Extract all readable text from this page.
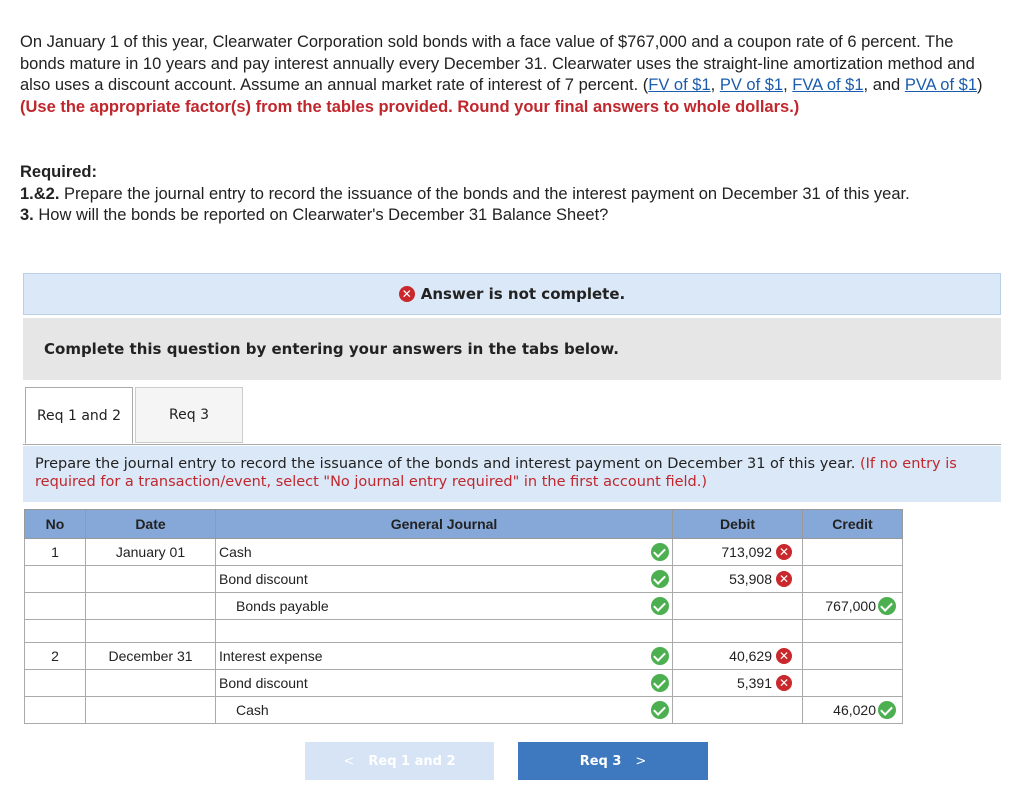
On January 1 of this year, Clearwater Corporation sold bonds with a face value of $767,000 and a coupon rate of 6 percent. The bonds mature in 10 years and pay interest annually every December 31. Clearwater uses the straight-line amortization method and also uses a discount account. Assume an annual market rate of interest of 7 percent. (FV of $1, PV of $1, FVA of $1, and PVA of $1) (Use the appropriate factor(s) from the tables provided. Round your final answers to whole dollars.)
Required:
1.&2. Prepare the journal entry to record the issuance of the bonds and the interest payment on December 31 of this year.
3. How will the bonds be reported on Clearwater's December 31 Balance Sheet?
✕ Answer is not complete.
Complete this question by entering your answers in the tabs below.
Req 1 and 2	Req 3
Prepare the journal entry to record the issuance of the bonds and interest payment on December 31 of this year. (If no entry is required for a transaction/event, select "No journal entry required" in the first account field.)
No	Date	General Journal	Debit	Credit
1	January 01	Cash	713,092 ✕	

		Bond discount	53,908 ✕	

		Bonds payable		767,000

2	December 31	Interest expense	40,629 ✕	

		Bond discount	5,391 ✕	

		Cash		46,020
< Req 1 and 2	Req 3 >
